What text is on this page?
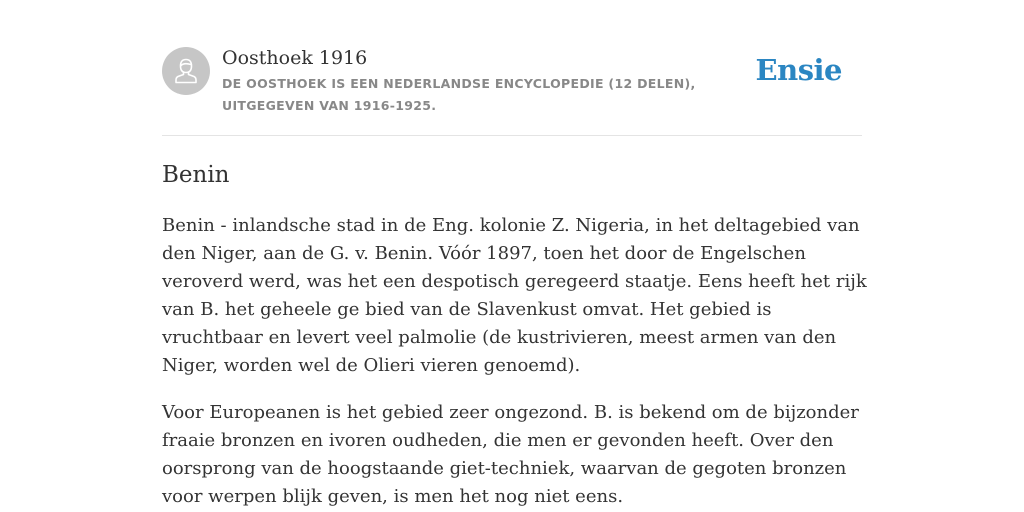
Oosthoek 1916
DE OOSTHOEK IS EEN NEDERLANDSE ENCYCLOPEDIE (12 DELEN), UITGEGEVEN VAN 1916-1925.
Ensie
Benin

Benin - inlandsche stad in de Eng. kolonie Z. Nigeria, in het deltagebied van den Niger, aan de G. v. Benin. Vóór 1897, toen het door de Engelschen veroverd werd, was het een despotisch geregeerd staatje. Eens heeft het rijk van B. het geheele ge bied van de Slavenkust omvat. Het gebied is vruchtbaar en levert veel palmolie (de kustrivieren, meest armen van den Niger, worden wel de Olieri vieren genoemd).

Voor Europeanen is het gebied zeer ongezond. B. is bekend om de bijzonder fraaie bronzen en ivoren oudheden, die men er gevonden heeft. Over den oorsprong van de hoogstaande giet-techniek, waarvan de gegoten bronzen voor werpen blijk geven, is men het nog niet eens.
